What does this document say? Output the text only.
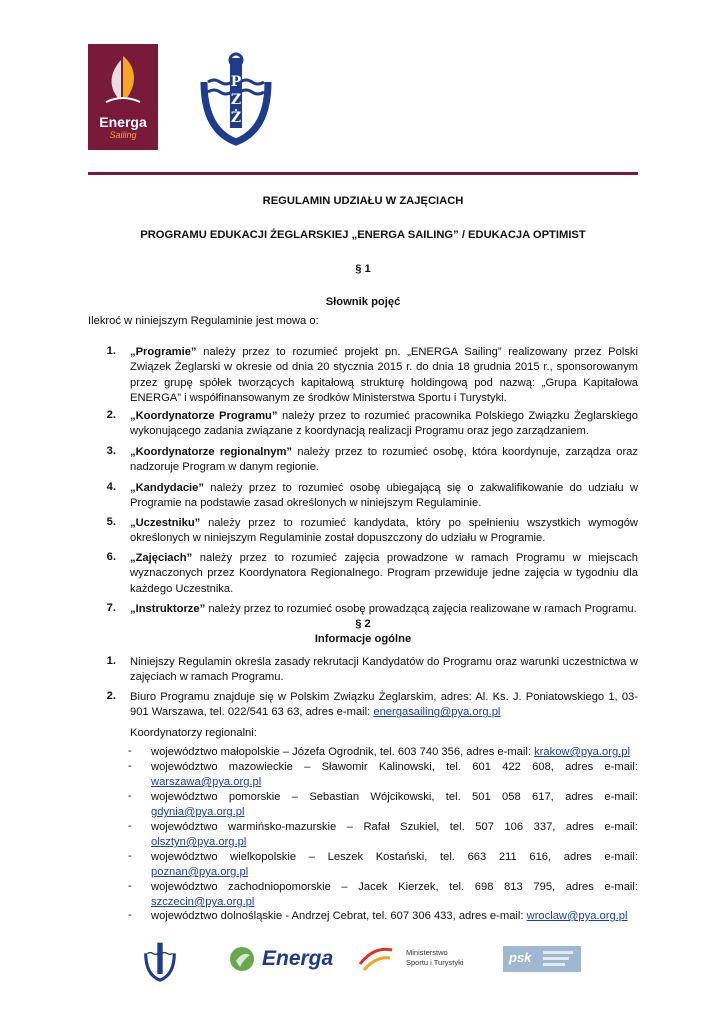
Energa
Sailing
P
Z
Ż
REGULAMIN UDZIAŁU W ZAJĘCIACH
PROGRAMU EDUKACJI ŻEGLARSKIEJ „ENERGA SAILING” / EDUKACJA OPTIMIST
§ 1
Słownik pojęć
Ilekroć w niniejszym Regulaminie jest mowa o:
1. „Programie” należy przez to rozumieć projekt pn. „ENERGA Sailing” realizowany przez Polski Związek Żeglarski w okresie od dnia 20 stycznia 2015 r. do dnia 18 grudnia 2015 r., sponsorowanym przez grupę spółek tworzących kapitałową strukturę holdingową pod nazwą: „Grupa Kapitałowa ENERGA” i współfinansowanym ze środków Ministerstwa Sportu i Turystyki.
2. „Koordynatorze Programu” należy przez to rozumieć pracownika Polskiego Związku Żeglarskiego wykonującego zadania związane z koordynacją realizacji Programu oraz jego zarządzaniem.
3. „Koordynatorze regionalnym” należy przez to rozumieć osobę, która koordynuje, zarządza oraz nadzoruje Program w danym regionie.
4. „Kandydacie” należy przez to rozumieć osobę ubiegającą się o zakwalifikowanie do udziału w Programie na podstawie zasad określonych w niniejszym Regulaminie.
5. „Uczestniku” należy przez to rozumieć kandydata, który po spełnieniu wszystkich wymogów określonych w niniejszym Regulaminie został dopuszczony do udziału w Programie.
6. „Zajęciach” należy przez to rozumieć zajęcia prowadzone w ramach Programu w miejscach wyznaczonych przez Koordynatora Regionalnego. Program przewiduje jedne zajęcia w tygodniu dla każdego Uczestnika.
7. „Instruktorze” należy przez to rozumieć osobę prowadzącą zajęcia realizowane w ramach Programu.
§ 2
Informacje ogólne
1. Niniejszy Regulamin określa zasady rekrutacji Kandydatów do Programu oraz warunki uczestnictwa w zajęciach w ramach Programu.
2. Biuro Programu znajduje się w Polskim Związku Żeglarskim, adres: Al. Ks. J. Poniatowskiego 1, 03-901 Warszawa, tel. 022/541 63 63, adres e-mail: energasailing@pya.org.pl
Koordynatorzy regionalni:
- województwo małopolskie – Józefa Ogrodnik, tel. 603 740 356, adres e-mail: krakow@pya.org.pl
- województwo mazowieckie – Sławomir Kalinowski, tel. 601 422 608, adres e-mail: warszawa@pya.org.pl
- województwo pomorskie – Sebastian Wójcikowski, tel. 501 058 617, adres e-mail: gdynia@pya.org.pl
- województwo warmińsko-mazurskie – Rafał Szukiel, tel. 507 106 337, adres e-mail: olsztyn@pya.org.pl
- województwo wielkopolskie – Leszek Kostański, tel. 663 211 616, adres e-mail: poznan@pya.org.pl
- województwo zachodniopomorskie – Jacek Kierzek, tel. 698 813 795, adres e-mail: szczecin@pya.org.pl
- województwo dolnośląskie - Andrzej Cebrat, tel. 607 306 433, adres e-mail: wroclaw@pya.org.pl
Energa	Ministerstwo
Sportu i Turystyki	psk
